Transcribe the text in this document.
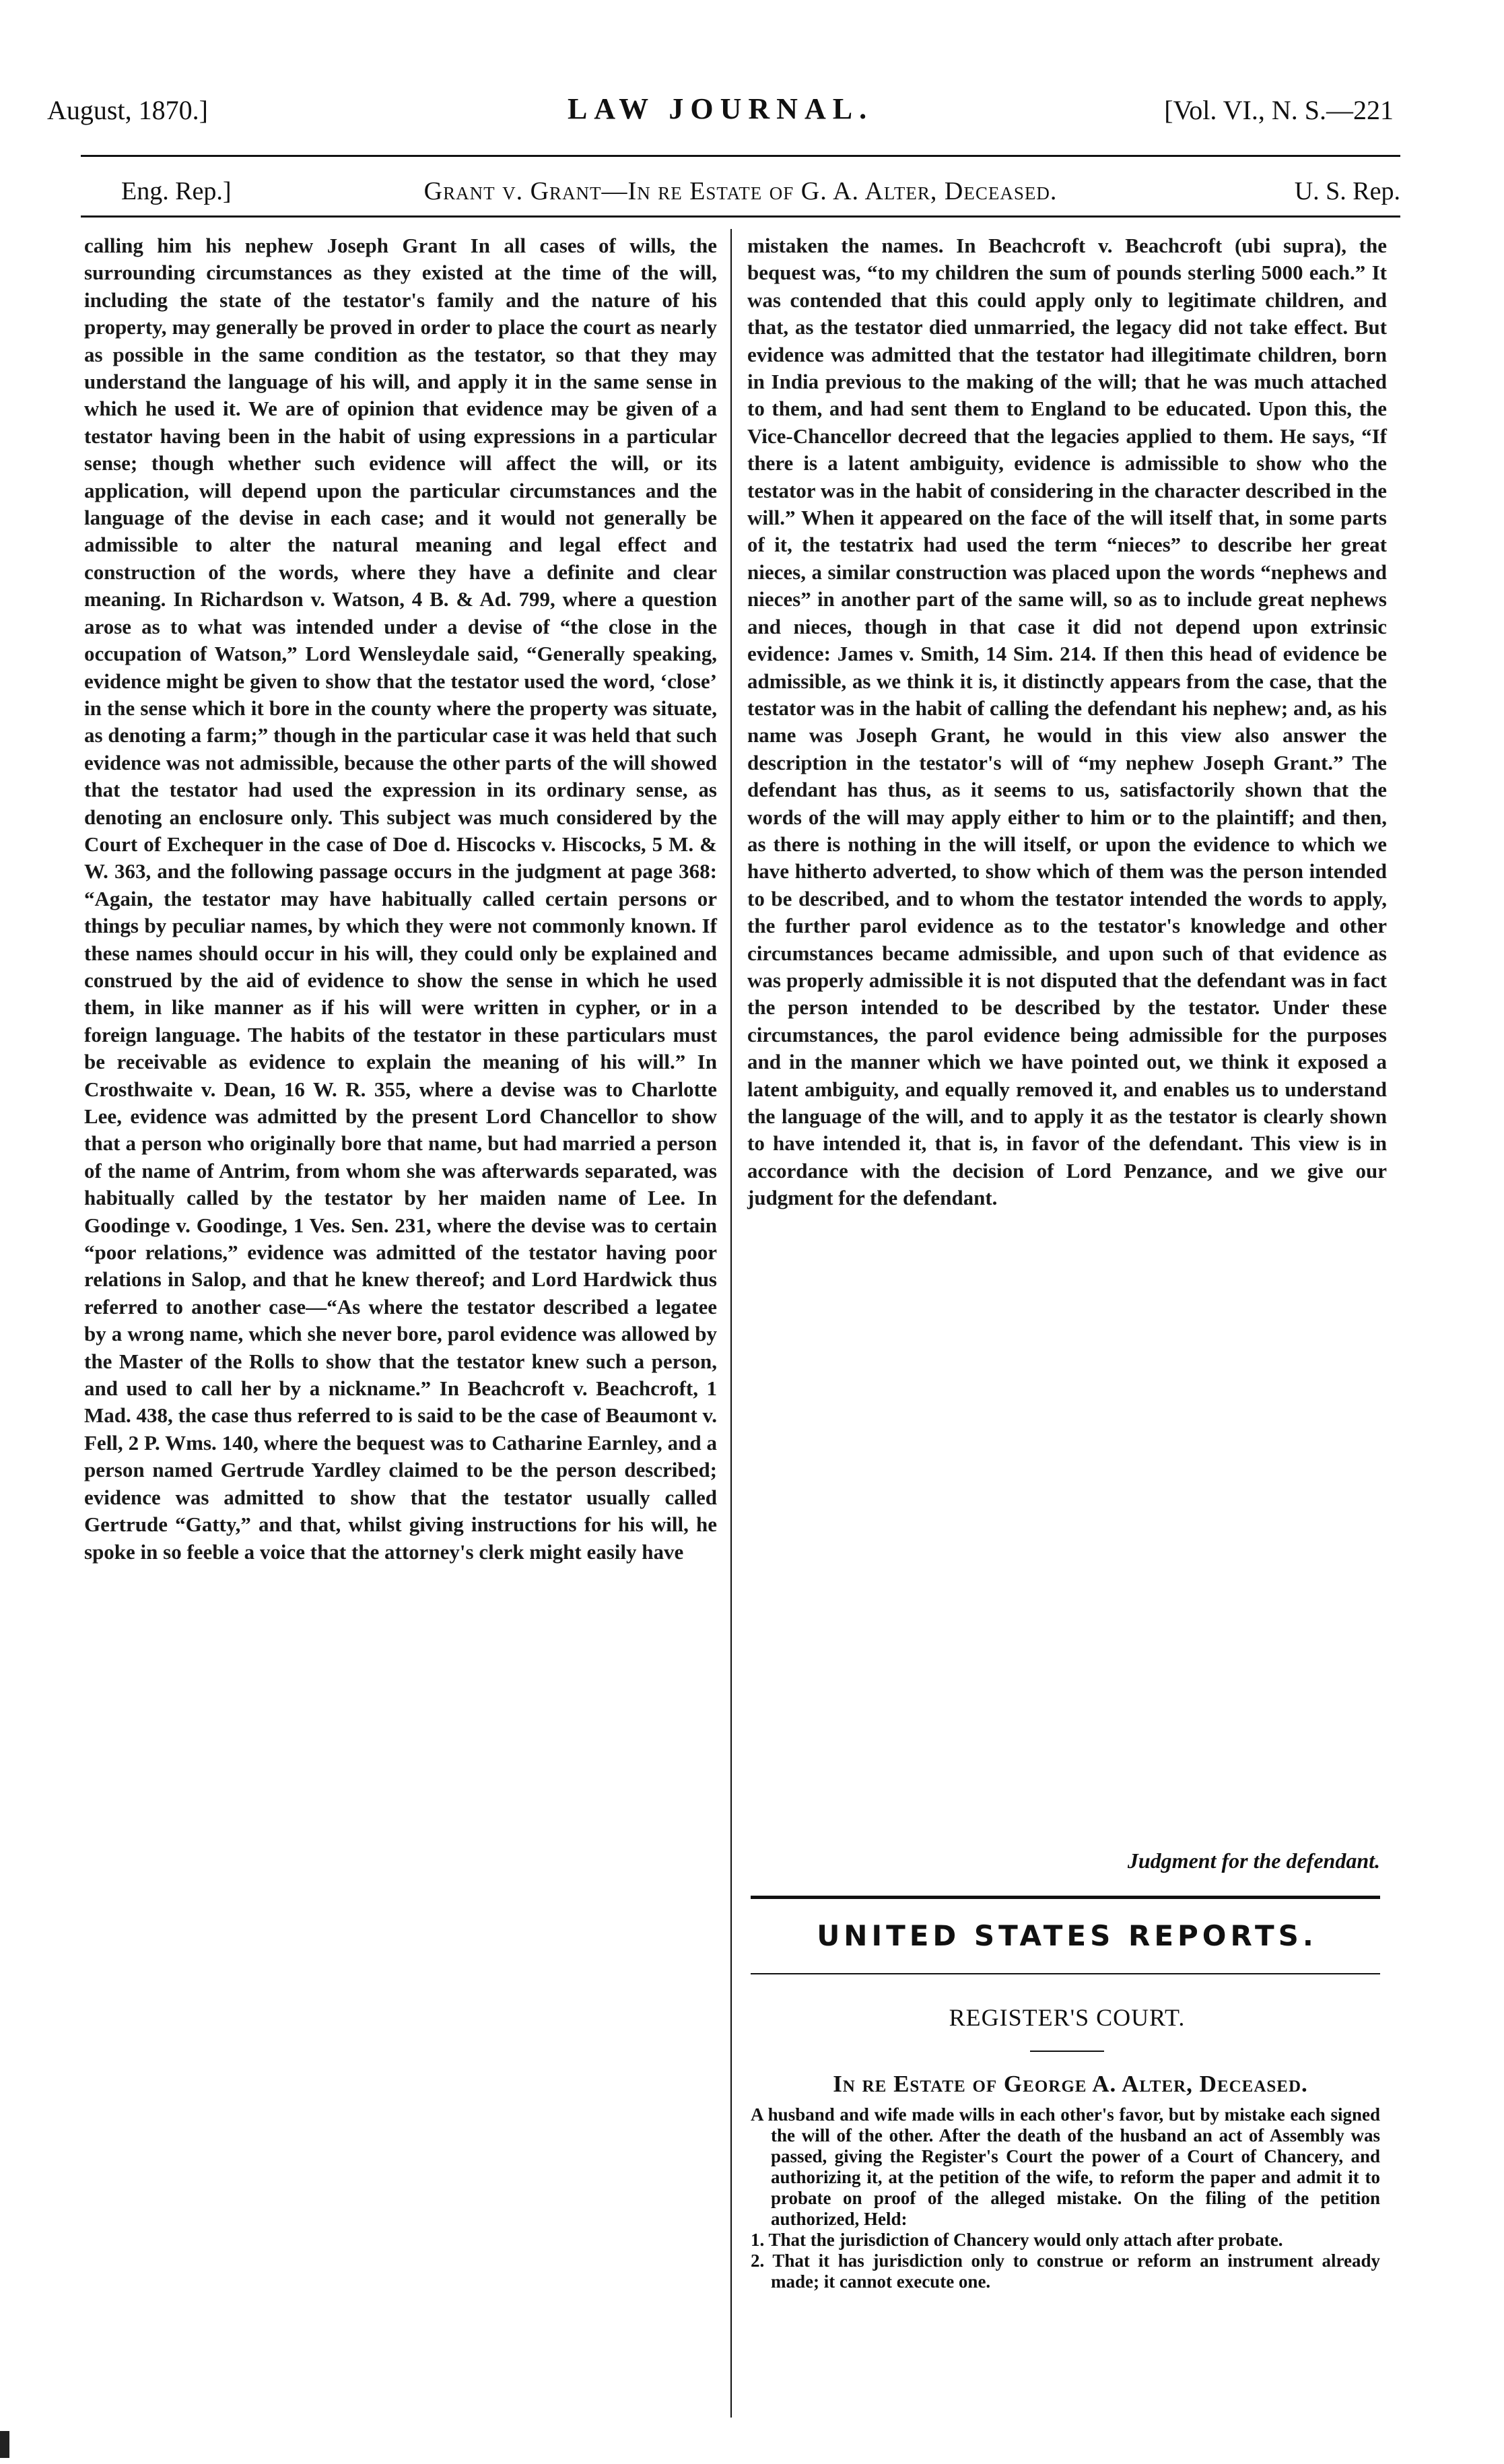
August, 1870.]	LAW JOURNAL.	[Vol. VI., N. S.—221
Eng. Rep.]	Grant v. Grant—In re Estate of G. A. Alter, Deceased.	U. S. Rep.

calling him his nephew Joseph Grant In all cases of wills, the surrounding circumstances as they existed at the time of the will, including the state of the testator's family and the nature of his property, may generally be proved in order to place the court as nearly as possible in the same condition as the testator, so that they may understand the language of his will, and apply it in the same sense in which he used it. We are of opinion that evidence may be given of a testator having been in the habit of using expressions in a particular sense; though whether such evidence will affect the will, or its application, will depend upon the particular circumstances and the language of the devise in each case; and it would not generally be admissible to alter the natural meaning and legal effect and construction of the words, where they have a definite and clear meaning. In Richardson v. Watson, 4 B. & Ad. 799, where a question arose as to what was intended under a devise of “the close in the occupation of Watson,” Lord Wensleydale said, “Generally speaking, evidence might be given to show that the testator used the word, ‘close’ in the sense which it bore in the county where the property was situate, as denoting a farm;” though in the particular case it was held that such evidence was not admissible, because the other parts of the will showed that the testator had used the expression in its ordinary sense, as denoting an enclosure only. This subject was much considered by the Court of Exchequer in the case of Doe d. Hiscocks v. Hiscocks, 5 M. & W. 363, and the following passage occurs in the judgment at page 368: “Again, the testator may have habitually called certain persons or things by peculiar names, by which they were not commonly known. If these names should occur in his will, they could only be explained and construed by the aid of evidence to show the sense in which he used them, in like manner as if his will were written in cypher, or in a foreign language. The habits of the testator in these particulars must be receivable as evidence to explain the meaning of his will.” In Crosthwaite v. Dean, 16 W. R. 355, where a devise was to Charlotte Lee, evidence was admitted by the present Lord Chancellor to show that a person who originally bore that name, but had married a person of the name of Antrim, from whom she was afterwards separated, was habitually called by the testator by her maiden name of Lee. In Goodinge v. Goodinge, 1 Ves. Sen. 231, where the devise was to certain “poor relations,” evidence was admitted of the testator having poor relations in Salop, and that he knew thereof; and Lord Hardwick thus referred to another case—“As where the testator described a legatee by a wrong name, which she never bore, parol evidence was allowed by the Master of the Rolls to show that the testator knew such a person, and used to call her by a nickname.” In Beachcroft v. Beachcroft, 1 Mad. 438, the case thus referred to is said to be the case of Beaumont v. Fell, 2 P. Wms. 140, where the bequest was to Catharine Earnley, and a person named Gertrude Yardley claimed to be the person described; evidence was admitted to show that the testator usually called Gertrude “Gatty,” and that, whilst giving instructions for his will, he spoke in so feeble a voice that the attorney's clerk might easily have

mistaken the names. In Beachcroft v. Beachcroft (ubi supra), the bequest was, “to my children the sum of pounds sterling 5000 each.” It was contended that this could apply only to legitimate children, and that, as the testator died unmarried, the legacy did not take effect. But evidence was admitted that the testator had illegitimate children, born in India previous to the making of the will; that he was much attached to them, and had sent them to England to be educated. Upon this, the Vice-Chancellor decreed that the legacies applied to them. He says, “If there is a latent ambiguity, evidence is admissible to show who the testator was in the habit of considering in the character described in the will.” When it appeared on the face of the will itself that, in some parts of it, the testatrix had used the term “nieces” to describe her great nieces, a similar construction was placed upon the words “nephews and nieces” in another part of the same will, so as to include great nephews and nieces, though in that case it did not depend upon extrinsic evidence: James v. Smith, 14 Sim. 214. If then this head of evidence be admissible, as we think it is, it distinctly appears from the case, that the testator was in the habit of calling the defendant his nephew; and, as his name was Joseph Grant, he would in this view also answer the description in the testator's will of “my nephew Joseph Grant.” The defendant has thus, as it seems to us, satisfactorily shown that the words of the will may apply either to him or to the plaintiff; and then, as there is nothing in the will itself, or upon the evidence to which we have hitherto adverted, to show which of them was the person intended to be described, and to whom the testator intended the words to apply, the further parol evidence as to the testator's knowledge and other circumstances became admissible, and upon such of that evidence as was properly admissible it is not disputed that the defendant was in fact the person intended to be described by the testator. Under these circumstances, the parol evidence being admissible for the purposes and in the manner which we have pointed out, we think it exposed a latent ambiguity, and equally removed it, and enables us to understand the language of the will, and to apply it as the testator is clearly shown to have intended it, that is, in favor of the defendant. This view is in accordance with the decision of Lord Penzance, and we give our judgment for the defendant.

Judgment for the defendant.
UNITED STATES REPORTS.
REGISTER'S COURT.
In re Estate of George A. Alter, Deceased.

A husband and wife made wills in each other's favor, but by mistake each signed the will of the other. After the death of the husband an act of Assembly was passed, giving the Register's Court the power of a Court of Chancery, and authorizing it, at the petition of the wife, to reform the paper and admit it to probate on proof of the alleged mistake. On the filing of the petition authorized, Held:

1. That the jurisdiction of Chancery would only attach after probate.

2. That it has jurisdiction only to construe or reform an instrument already made; it cannot execute one.
